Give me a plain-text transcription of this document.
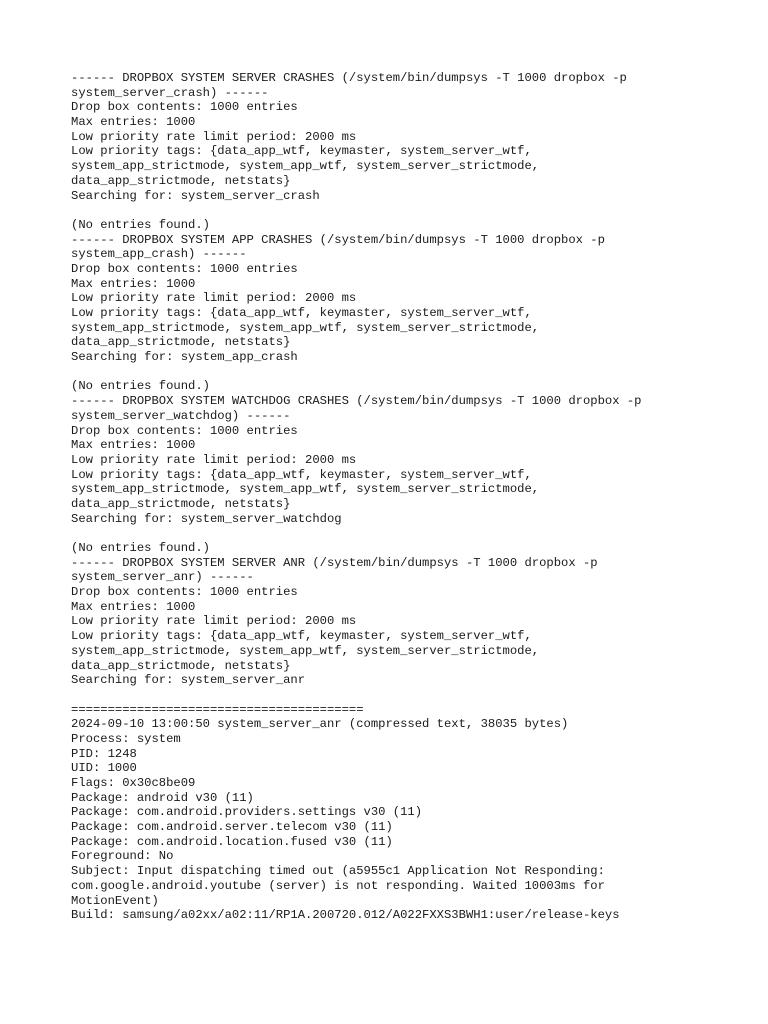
------ DROPBOX SYSTEM SERVER CRASHES (/system/bin/dumpsys -T 1000 dropbox -p
system_server_crash) ------
Drop box contents: 1000 entries
Max entries: 1000
Low priority rate limit period: 2000 ms
Low priority tags: {data_app_wtf, keymaster, system_server_wtf,
system_app_strictmode, system_app_wtf, system_server_strictmode,
data_app_strictmode, netstats}
Searching for: system_server_crash
(No entries found.)
------ DROPBOX SYSTEM APP CRASHES (/system/bin/dumpsys -T 1000 dropbox -p
system_app_crash) ------
Drop box contents: 1000 entries
Max entries: 1000
Low priority rate limit period: 2000 ms
Low priority tags: {data_app_wtf, keymaster, system_server_wtf,
system_app_strictmode, system_app_wtf, system_server_strictmode,
data_app_strictmode, netstats}
Searching for: system_app_crash
(No entries found.)
------ DROPBOX SYSTEM WATCHDOG CRASHES (/system/bin/dumpsys -T 1000 dropbox -p
system_server_watchdog) ------
Drop box contents: 1000 entries
Max entries: 1000
Low priority rate limit period: 2000 ms
Low priority tags: {data_app_wtf, keymaster, system_server_wtf,
system_app_strictmode, system_app_wtf, system_server_strictmode,
data_app_strictmode, netstats}
Searching for: system_server_watchdog
(No entries found.)
------ DROPBOX SYSTEM SERVER ANR (/system/bin/dumpsys -T 1000 dropbox -p
system_server_anr) ------
Drop box contents: 1000 entries
Max entries: 1000
Low priority rate limit period: 2000 ms
Low priority tags: {data_app_wtf, keymaster, system_server_wtf,
system_app_strictmode, system_app_wtf, system_server_strictmode,
data_app_strictmode, netstats}
Searching for: system_server_anr
========================================
2024-09-10 13:00:50 system_server_anr (compressed text, 38035 bytes)
Process: system
PID: 1248
UID: 1000
Flags: 0x30c8be09
Package: android v30 (11)
Package: com.android.providers.settings v30 (11)
Package: com.android.server.telecom v30 (11)
Package: com.android.location.fused v30 (11)
Foreground: No
Subject: Input dispatching timed out (a5955c1 Application Not Responding:
com.google.android.youtube (server) is not responding. Waited 10003ms for
MotionEvent)
Build: samsung/a02xx/a02:11/RP1A.200720.012/A022FXXS3BWH1:user/release-keys
